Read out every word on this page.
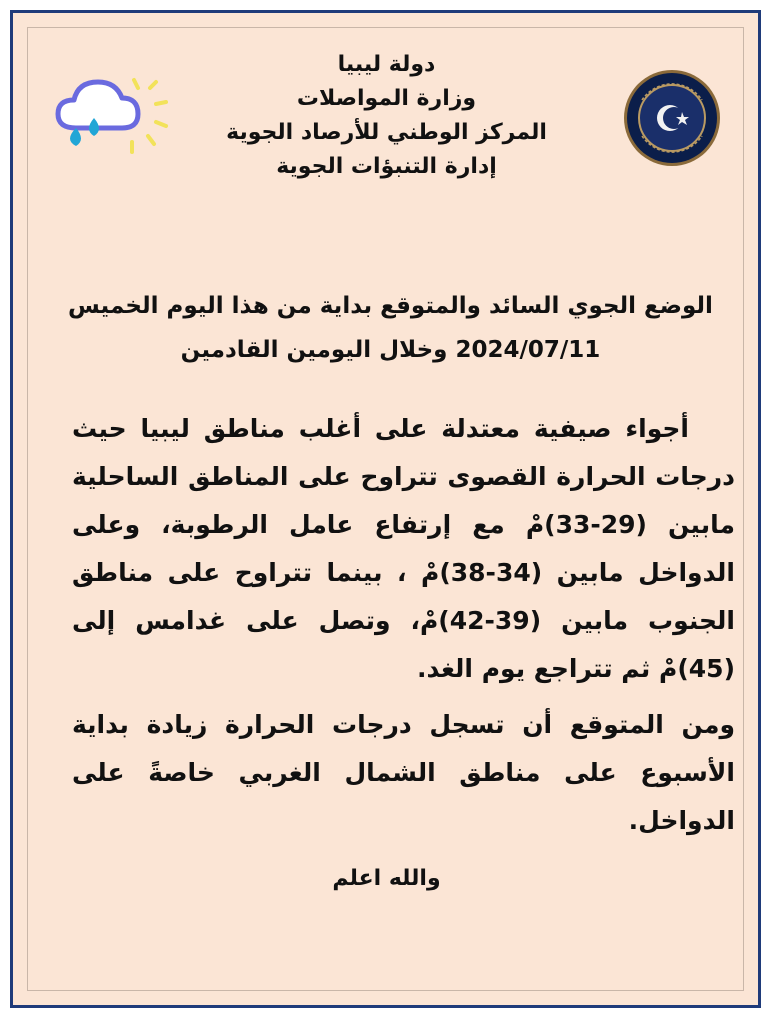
دولة ليبيا
وزارة المواصلات
المركز الوطني للأرصاد الجوية
إدارة التنبؤات الجوية
الوضع الجوي السائد والمتوقع بداية من هذا اليوم الخميس
2024/07/11 وخلال اليومين القادمين

أجواء صيفية معتدلة على أغلب مناطق ليبيا حيث درجات الحرارة القصوى تتراوح على المناطق الساحلية مابين (29-33)مْ مع إرتفاع عامل الرطوبة، وعلى الدواخل مابين (34-38)مْ ، بينما تتراوح على مناطق الجنوب مابين (39-42)مْ، وتصل على غدامس إلى (45)مْ ثم تتراجع يوم الغد.

ومن المتوقع أن تسجل درجات الحرارة زيادة بداية الأسبوع على مناطق الشمال الغربي خاصةً على الدواخل.

والله اعلم
